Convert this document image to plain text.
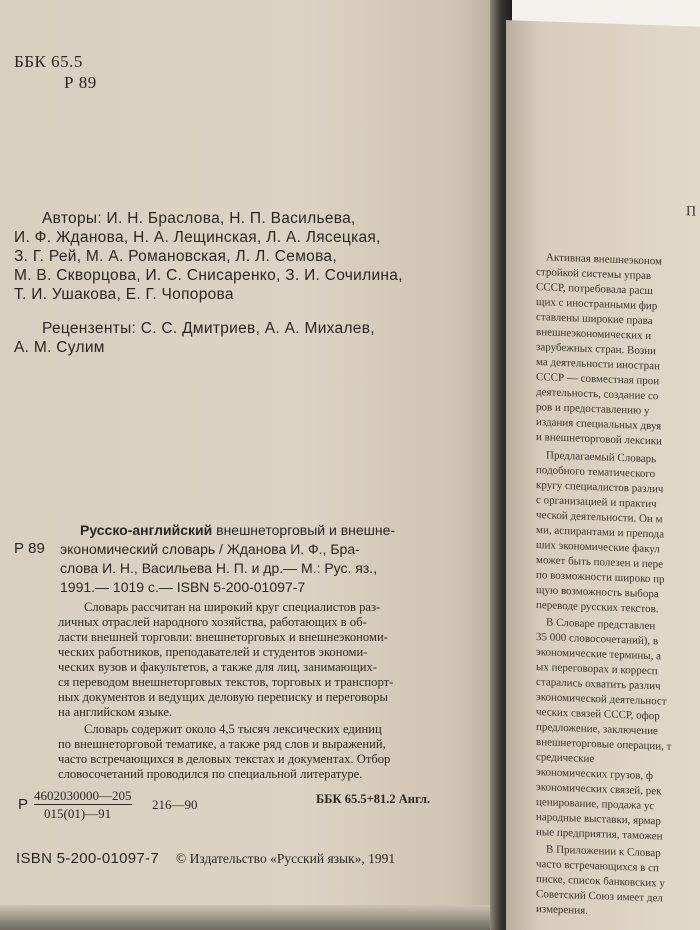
ББК 65.5
Р 89
Авторы: И. Н. Браслова, Н. П. Васильева,
И. Ф. Жданова, Н. А. Лещинская, Л. А. Лясецкая,
З. Г. Рей, М. А. Романовская, Л. Л. Семова,
М. В. Скворцова, И. С. Снисаренко, З. И. Сочилина,
Т. И. Ушакова, Е. Г. Чопорова
Рецензенты: С. С. Дмитриев, А. А. Михалев,
А. М. Сулим
Русско-английский внешнеторговый и внешне-
Р 89 экономический словарь / Жданова И. Ф., Бра-
слова И. Н., Васильева Н. П. и др.— М.: Рус. яз.,
1991.— 1019 с.— ISBN 5-200-01097-7
Словарь рассчитан на широкий круг специалистов раз-
личных отраслей народного хозяйства, работающих в об-
ласти внешней торговли: внешнеторговых и внешнеэкономи-
ческих работников, преподавателей и студентов экономи-
ческих вузов и факультетов, а также для лиц, занимающих-
ся переводом внешнеторговых текстов, торговых и транспорт-
ных документов и ведущих деловую переписку и переговоры
на английском языке.
Словарь содержит около 4,5 тысяч лексических единиц
по внешнеторговой тематике, а также ряд слов и выражений,
часто встречающихся в деловых текстах и документах. Отбор
словосочетаний проводился по специальной литературе.
Р
4602030000—205
015(01)—91
216—90	ББК 65.5+81.2 Англ.
ISBN 5-200-01097-7 © Издательство «Русский язык», 1991
П
Активная внешнеэконом
стройкой системы управ
СССР, потребовала расш
щих с иностранными фир
ставлены широкие права
внешнеэкономических и
зарубежных стран. Возни
ма деятельности иностран
СССР — совместная прои
деятельность, создание со
ров и предоставлению у
издания специальных двуя
и внешнеторговой лексики
Предлагаемый Словарь
подобного тематического
кругу специалистов различ
с организацией и практич
ческой деятельности. Он м
ми, аспирантами и препода
ших экономические факул
может быть полезен и пере
по возможности широко пр
щую возможность выбора
переводе русских текстов.
В Словаре представлен
35 000 словосочетаний), в
экономические термины, а
ых переговорах и корресп
старались охватить различ
экономической деятельност
ческих связей СССР, офор
предложение, заключение
внешнеторговые операции, т
средические
экономических грузов, ф
экономических связей, рек
ценирование, продажа ус
народные выставки, ярмар
ные предприятия, таможен
В Приложении к Словар
часто встречающихся в сп
писке, список банковских у
Советский Союз имеет дел
измерения.
